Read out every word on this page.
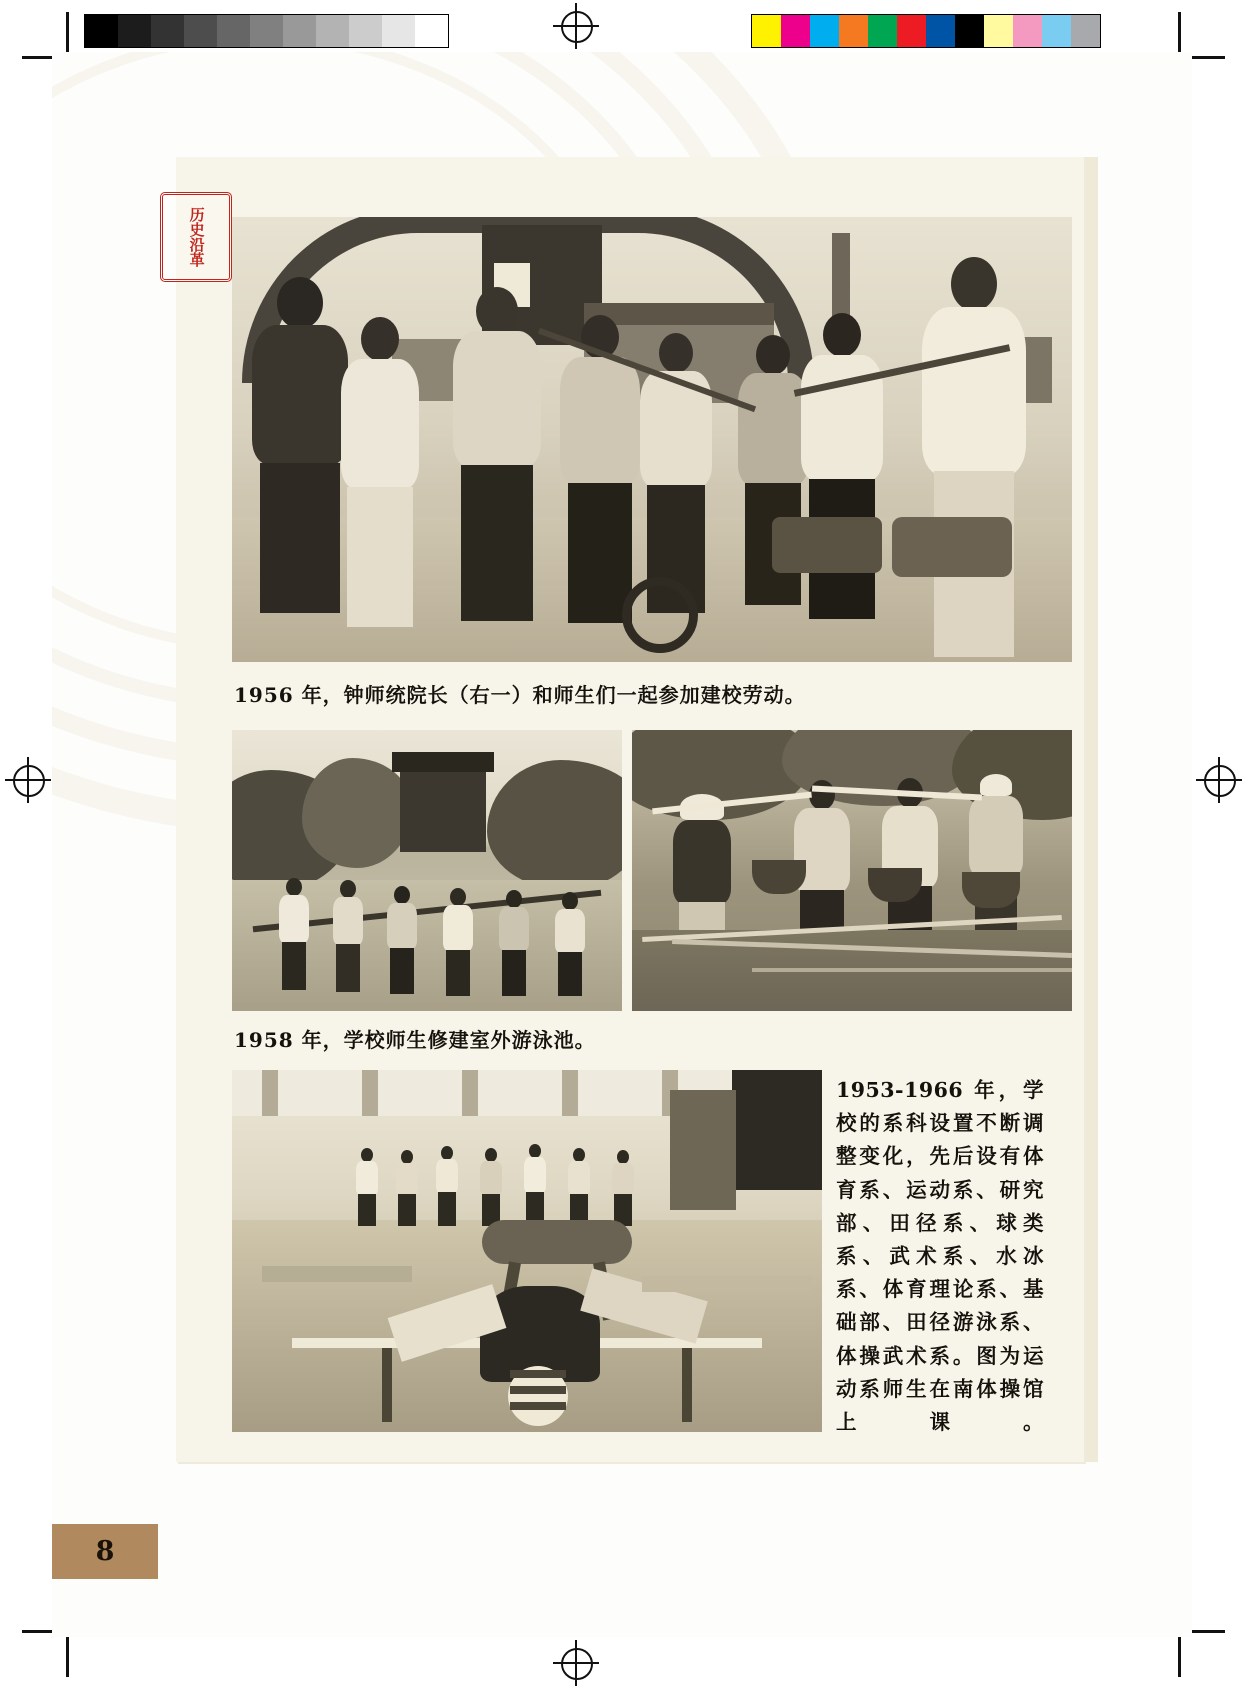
历史沿革
1956 年，钟师统院长（右一）和师生们一起参加建校劳动。
1958 年，学校师生修建室外游泳池。
1953-1966 年，学校的系科设置不断调整变化，先后设有体育系、运动系、研究部、田径系、球类系、武术系、水冰系、体育理论系、基础部、田径游泳系、体操武术系。图为运动系师生在南体操馆上课。
8
